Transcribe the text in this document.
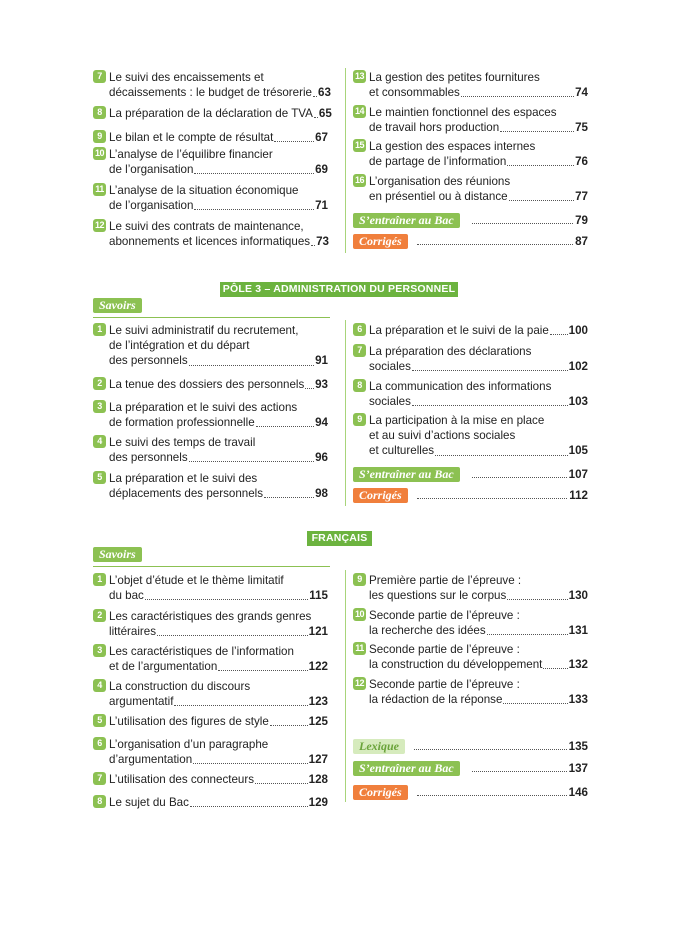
7 Le suivi des encaissements et
décaissements : le budget de trésorerie 63
8 La préparation de la déclaration de TVA 65
9 Le bilan et le compte de résultat	67
10 L’analyse de l’équilibre financier
de l’organisation	69
11 L’analyse de la situation économique
de l’organisation	71
12 Le suivi des contrats de maintenance,
abonnements et licences informatiques 73
13 La gestion des petites fournitures
et consommables	74
14 Le maintien fonctionnel des espaces
de travail hors production	75
15 La gestion des espaces internes
de partage de l’information	76
16 L’organisation des réunions
en présentiel ou à distance	77
S’entraîner au Bac	79
Corrigés	87
PÔLE 3 – ADMINISTRATION DU PERSONNEL
Savoirs
1 Le suivi administratif du recrutement,
de l’intégration et du départ
des personnels	91
2 La tenue des dossiers des personnels 93
3 La préparation et le suivi des actions
de formation professionnelle	94
4 Le suivi des temps de travail
des personnels	96
5 La préparation et le suivi des
déplacements des personnels	98
6 La préparation et le suivi de la paie 100
7 La préparation des déclarations
sociales	102
8 La communication des informations
sociales	103
9 La participation à la mise en place
et au suivi d’actions sociales
et culturelles	105
S’entraîner au Bac	107
Corrigés	112
FRANÇAIS
Savoirs
1 L’objet d’étude et le thème limitatif
du bac	115
2 Les caractéristiques des grands genres
littéraires	121
3 Les caractéristiques de l’information
et de l’argumentation	122
4 La construction du discours
argumentatif	123
5 L’utilisation des figures de style	125
6 L’organisation d’un paragraphe
d’argumentation	127
7 L’utilisation des connecteurs	128
8 Le sujet du Bac	129
9 Première partie de l’épreuve :
les questions sur le corpus	130
10 Seconde partie de l’épreuve :
la recherche des idées	131
11 Seconde partie de l’épreuve :
la construction du développement 132
12 Seconde partie de l’épreuve :
la rédaction de la réponse	133
Lexique	135
S’entraîner au Bac	137
Corrigés	146
